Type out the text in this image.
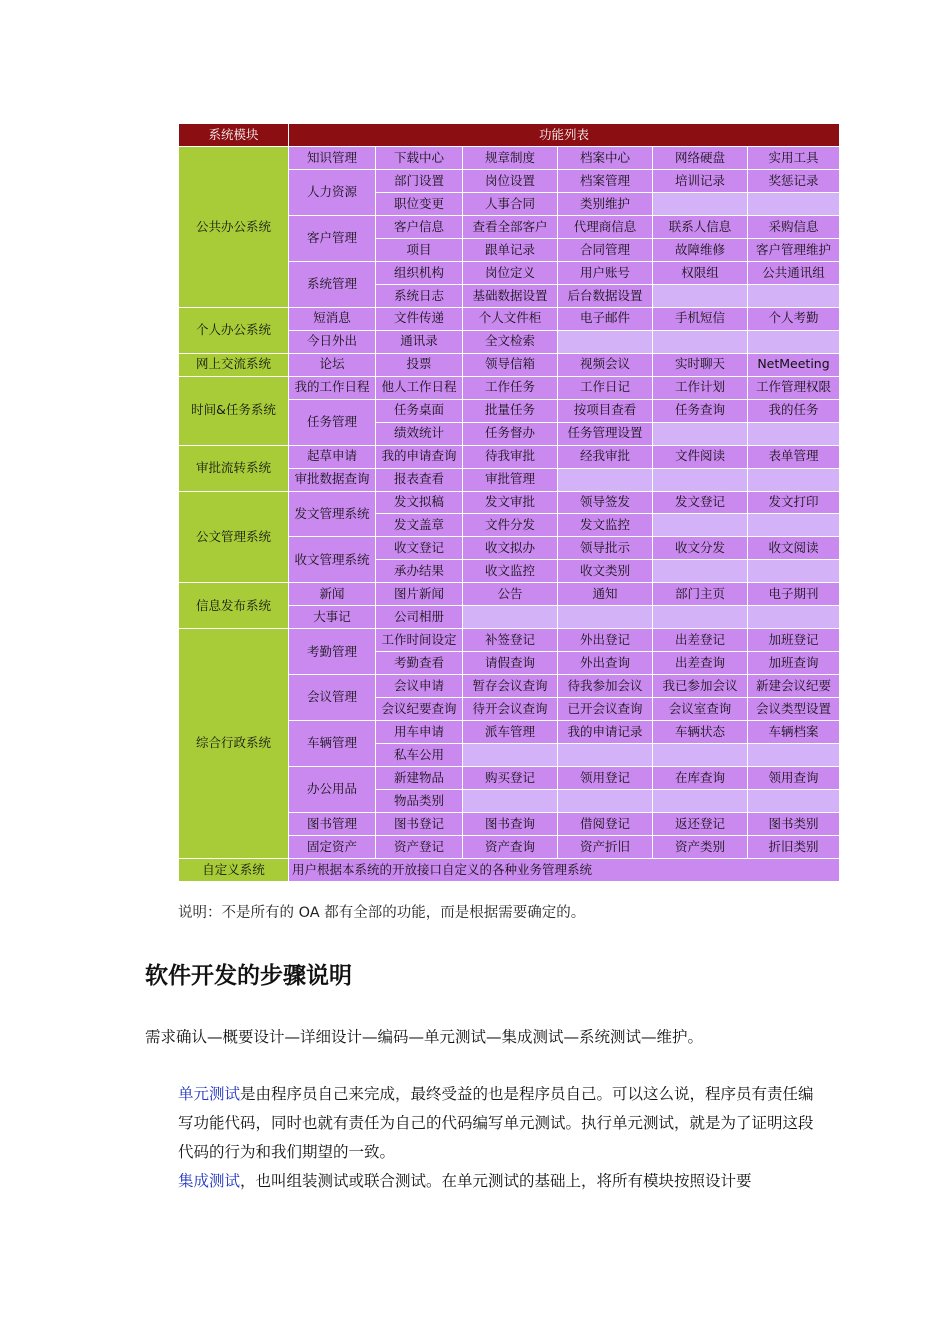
系统模块	功能列表					
公共办公系统	知识管理	下载中心	规章制度	档案中心	网络硬盘	实用工具
	人力资源	部门设置	岗位设置	档案管理	培训记录	奖惩记录
		职位变更	人事合同	类别维护		
	客户管理	客户信息	查看全部客户	代理商信息	联系人信息	采购信息
		项目	跟单记录	合同管理	故障维修	客户管理维护
	系统管理	组织机构	岗位定义	用户账号	权限组	公共通讯组
		系统日志	基础数据设置	后台数据设置		
个人办公系统	短消息	文件传递	个人文件柜	电子邮件	手机短信	个人考勤
	今日外出	通讯录	全文检索			
网上交流系统	论坛	投票	领导信箱	视频会议	实时聊天	NetMeeting
时间&任务系统	我的工作日程	他人工作日程	工作任务	工作日记	工作计划	工作管理权限
	任务管理	任务桌面	批量任务	按项目查看	任务查询	我的任务
		绩效统计	任务督办	任务管理设置		
审批流转系统	起草申请	我的申请查询	待我审批	经我审批	文件阅读	表单管理
	审批数据查询	报表查看	审批管理			
公文管理系统	发文管理系统	发文拟稿	发文审批	领导签发	发文登记	发文打印
		发文盖章	文件分发	发文监控		
	收文管理系统	收文登记	收文拟办	领导批示	收文分发	收文阅读
		承办结果	收文监控	收文类别		
信息发布系统	新闻	图片新闻	公告	通知	部门主页	电子期刊
	大事记	公司相册				
综合行政系统	考勤管理	工作时间设定	补签登记	外出登记	出差登记	加班登记
		考勤查看	请假查询	外出查询	出差查询	加班查询
	会议管理	会议申请	暂存会议查询	待我参加会议	我已参加会议	新建会议纪要
		会议纪要查询	待开会议查询	已开会议查询	会议室查询	会议类型设置
	车辆管理	用车申请	派车管理	我的申请记录	车辆状态	车辆档案
		私车公用				
	办公用品	新建物品	购买登记	领用登记	在库查询	领用查询
		物品类别				
	图书管理	图书登记	图书查询	借阅登记	返还登记	图书类别
	固定资产	资产登记	资产查询	资产折旧	资产类别	折旧类别
自定义系统	用户根据本系统的开放接口自定义的各种业务管理系统					
说明：不是所有的 OA 都有全部的功能，而是根据需要确定的。
软件开发的步骤说明

需求确认—概要设计—详细设计—编码—单元测试—集成测试—系统测试—维护。

单元测试是由程序员自己来完成，最终受益的也是程序员自己。可以这么说，程序员有责任编写功能代码，同时也就有责任为自己的代码编写单元测试。执行单元测试，就是为了证明这段代码的行为和我们期望的一致。

集成测试，也叫组装测试或联合测试。在单元测试的基础上，将所有模块按照设计要
